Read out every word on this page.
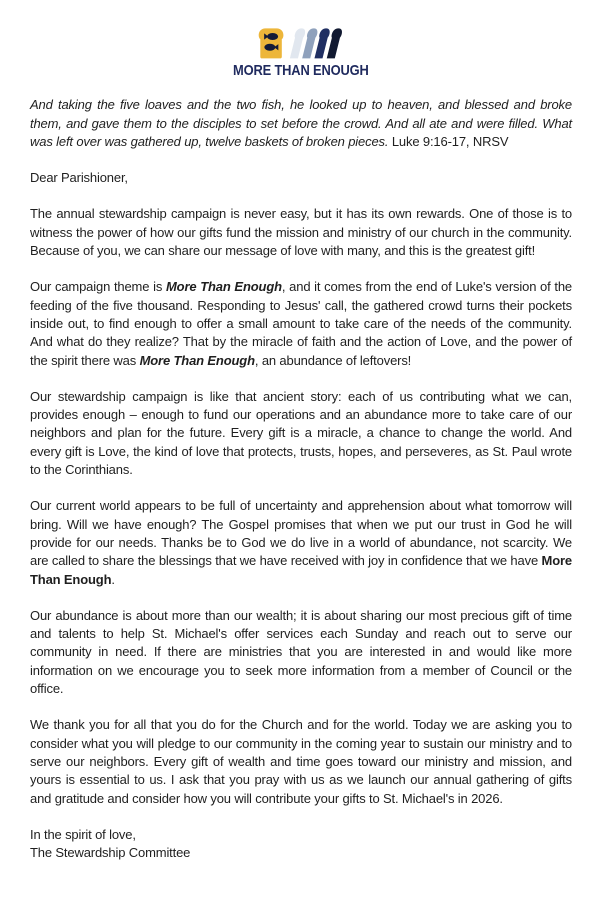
MORE THAN ENOUGH

And taking the five loaves and the two fish, he looked up to heaven, and blessed and broke them, and gave them to the disciples to set before the crowd. And all ate and were filled. What was left over was gathered up, twelve baskets of broken pieces. Luke 9:16-17, NRSV

Dear Parishioner,

The annual stewardship campaign is never easy, but it has its own rewards. One of those is to witness the power of how our gifts fund the mission and ministry of our church in the community. Because of you, we can share our message of love with many, and this is the greatest gift!

Our campaign theme is More Than Enough, and it comes from the end of Luke's version of the feeding of the five thousand. Responding to Jesus' call, the gathered crowd turns their pockets inside out, to find enough to offer a small amount to take care of the needs of the community. And what do they realize? That by the miracle of faith and the action of Love, and the power of the spirit there was More Than Enough, an abundance of leftovers!

Our stewardship campaign is like that ancient story: each of us contributing what we can, provides enough – enough to fund our operations and an abundance more to take care of our neighbors and plan for the future. Every gift is a miracle, a chance to change the world. And every gift is Love, the kind of love that protects, trusts, hopes, and perseveres, as St. Paul wrote to the Corinthians.

Our current world appears to be full of uncertainty and apprehension about what tomorrow will bring. Will we have enough? The Gospel promises that when we put our trust in God he will provide for our needs. Thanks be to God we do live in a world of abundance, not scarcity. We are called to share the blessings that we have received with joy in confidence that we have More Than Enough.

Our abundance is about more than our wealth; it is about sharing our most precious gift of time and talents to help St. Michael's offer services each Sunday and reach out to serve our community in need. If there are ministries that you are interested in and would like more information on we encourage you to seek more information from a member of Council or the office.

We thank you for all that you do for the Church and for the world. Today we are asking you to consider what you will pledge to our community in the coming year to sustain our ministry and to serve our neighbors. Every gift of wealth and time goes toward our ministry and mission, and yours is essential to us. I ask that you pray with us as we launch our annual gathering of gifts and gratitude and consider how you will contribute your gifts to St. Michael's in 2026.

In the spirit of love,

The Stewardship Committee
